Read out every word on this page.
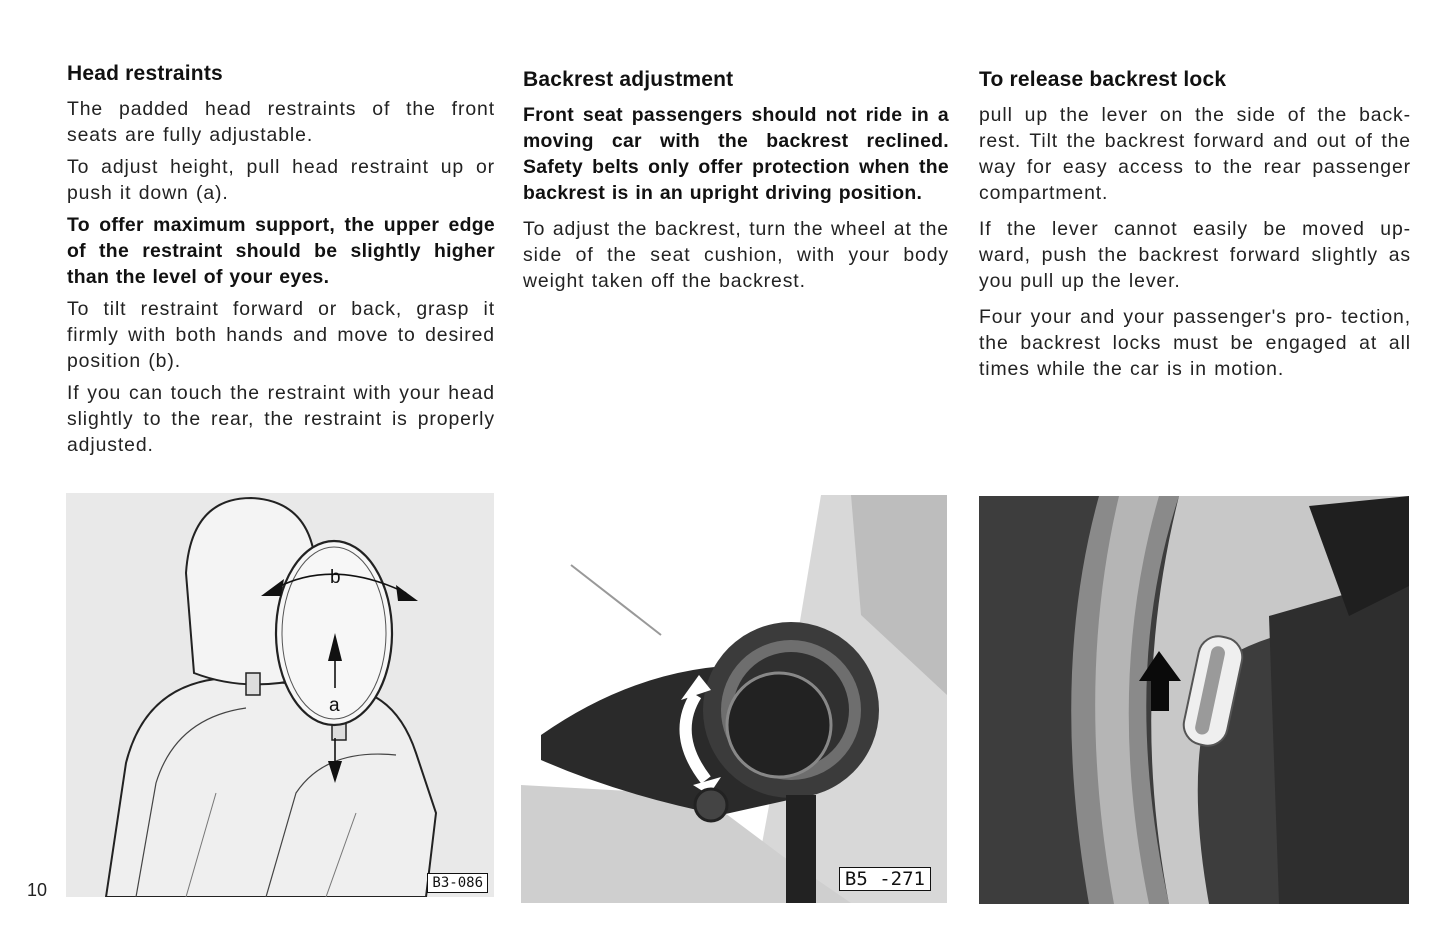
Head restraints

The padded head restraints of the front seats are fully adjustable.

To adjust height, pull head restraint up or push it down (a).

To offer maximum support, the upper edge of the restraint should be slightly higher than the level of your eyes.

To tilt restraint forward or back, grasp it firmly with both hands and move to desired position (b).

If you can touch the restraint with your head slightly to the rear, the restraint is properly adjusted.

Backrest adjustment

Front seat passengers should not ride in a moving car with the backrest reclined. Safety belts only offer protection when the backrest is in an upright driving position.

To adjust the backrest, turn the wheel at the side of the seat cushion, with your body weight taken off the backrest.

To release backrest lock

pull up the lever on the side of the back- rest. Tilt the backrest forward and out of the way for easy access to the rear passenger compartment.

If the lever cannot easily be moved up- ward, push the backrest forward slightly as you pull up the lever.

Four your and your passenger's pro- tection, the backrest locks must be engaged at all times while the car is in motion.

b
a
B3-086	B5 -271
10
